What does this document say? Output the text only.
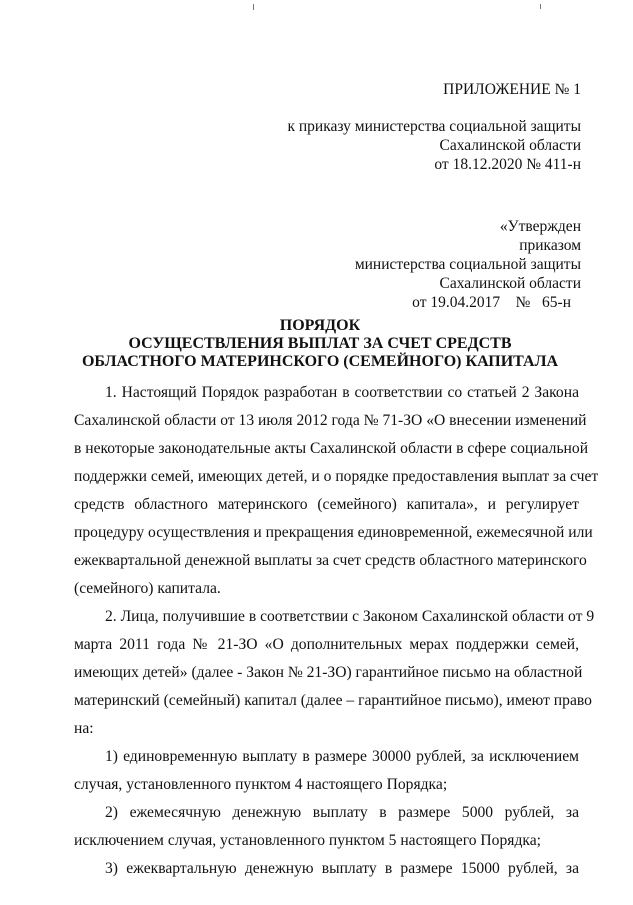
ПРИЛОЖЕНИЕ № 1
к приказу министерства социальной защиты
Сахалинской области
от 18.12.2020 № 411-н
«Утвержден
приказом
министерства социальной защиты
Сахалинской области
от 19.04.2017    №   65-н
ПОРЯДОК
ОСУЩЕСТВЛЕНИЯ ВЫПЛАТ ЗА СЧЕТ СРЕДСТВ
ОБЛАСТНОГО МАТЕРИНСКОГО (СЕМЕЙНОГО) КАПИТАЛА
1. Настоящий Порядок разработан в соответствии со статьей 2 Закона
Сахалинской области от 13 июля 2012 года № 71-ЗО «О внесении изменений
в некоторые законодательные акты Сахалинской области в сфере социальной
поддержки семей, имеющих детей, и о порядке предоставления выплат за счет
средств областного материнского (семейного) капитала», и регулирует
процедуру осуществления и прекращения единовременной, ежемесячной или
ежеквартальной денежной выплаты за счет средств областного материнского
(семейного) капитала.
2. Лица, получившие в соответствии с Законом Сахалинской области от 9
марта 2011 года № 21-ЗО «О дополнительных мерах поддержки семей,
имеющих детей» (далее - Закон № 21-ЗО) гарантийное письмо на областной
материнский (семейный) капитал (далее – гарантийное письмо), имеют право
на:
1) единовременную выплату в размере 30000 рублей, за исключением
случая, установленного пунктом 4 настоящего Порядка;
2) ежемесячную денежную выплату в размере 5000 рублей, за
исключением случая, установленного пунктом 5 настоящего Порядка;
3) ежеквартальную денежную выплату в размере 15000 рублей, за
